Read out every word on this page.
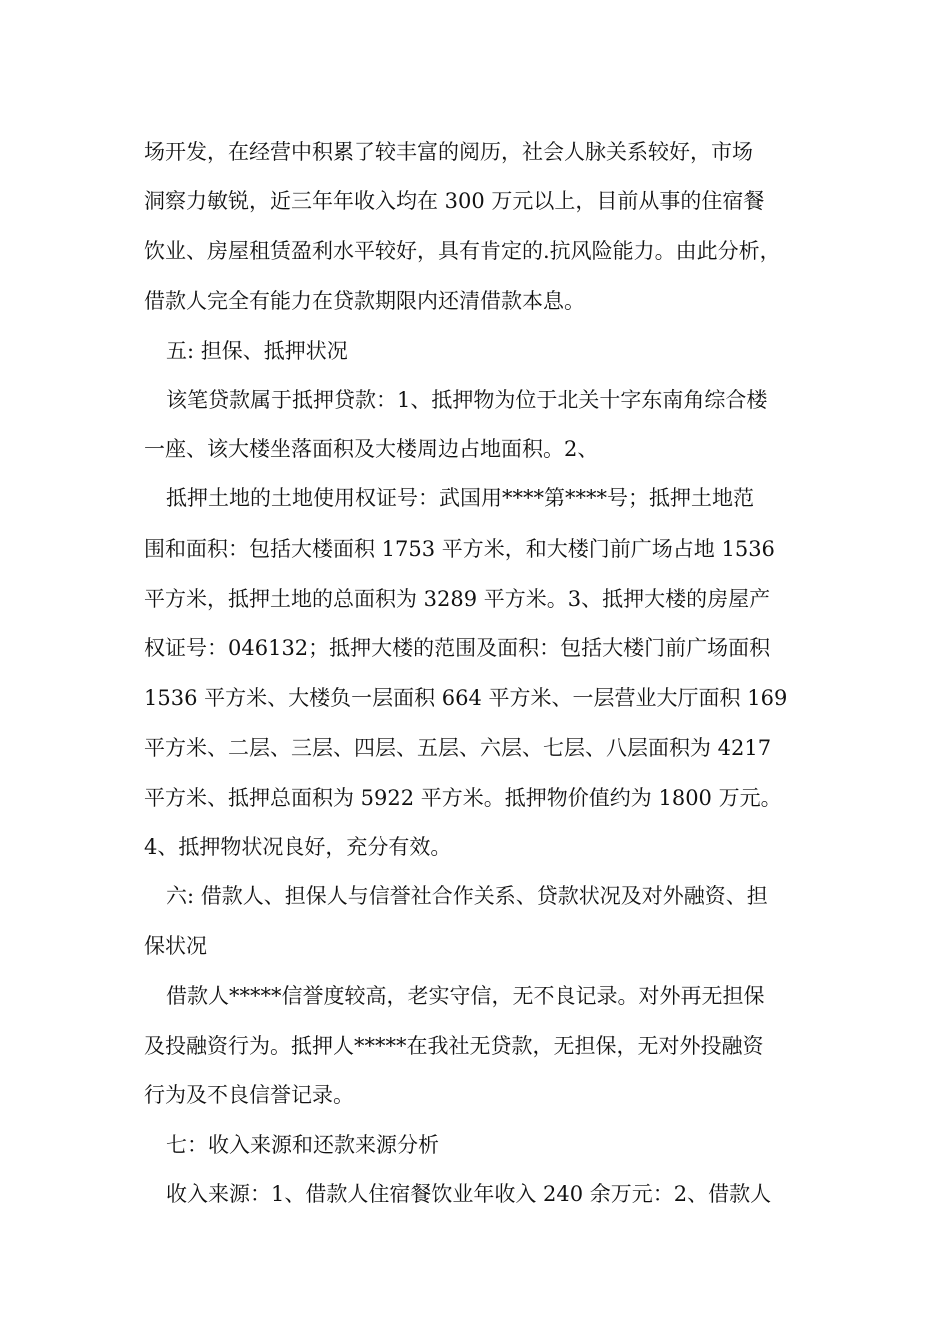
场开发，在经营中积累了较丰富的阅历，社会人脉关系较好，市场
洞察力敏锐，近三年年收入均在 300 万元以上，目前从事的住宿餐
饮业、房屋租赁盈利水平较好，具有肯定的.抗风险能力。由此分析，
借款人完全有能力在贷款期限内还清借款本息。
五: 担保、抵押状况
该笔贷款属于抵押贷款：1、抵押物为位于北关十字东南角综合楼
一座、该大楼坐落面积及大楼周边占地面积。2、
抵押土地的土地使用权证号：武国用****第****号；抵押土地范
围和面积：包括大楼面积 1753 平方米，和大楼门前广场占地 1536
平方米，抵押土地的总面积为 3289 平方米。3、抵押大楼的房屋产
权证号：046132；抵押大楼的范围及面积：包括大楼门前广场面积
1536 平方米、大楼负一层面积 664 平方米、一层营业大厅面积 169
平方米、二层、三层、四层、五层、六层、七层、八层面积为 4217
平方米、抵押总面积为 5922 平方米。抵押物价值约为 1800 万元。
4、抵押物状况良好，充分有效。
六: 借款人、担保人与信誉社合作关系、贷款状况及对外融资、担
保状况
借款人*****信誉度较高，老实守信，无不良记录。对外再无担保
及投融资行为。抵押人*****在我社无贷款，无担保，无对外投融资
行为及不良信誉记录。
七：收入来源和还款来源分析
收入来源：1、借款人住宿餐饮业年收入 240 余万元：2、借款人
